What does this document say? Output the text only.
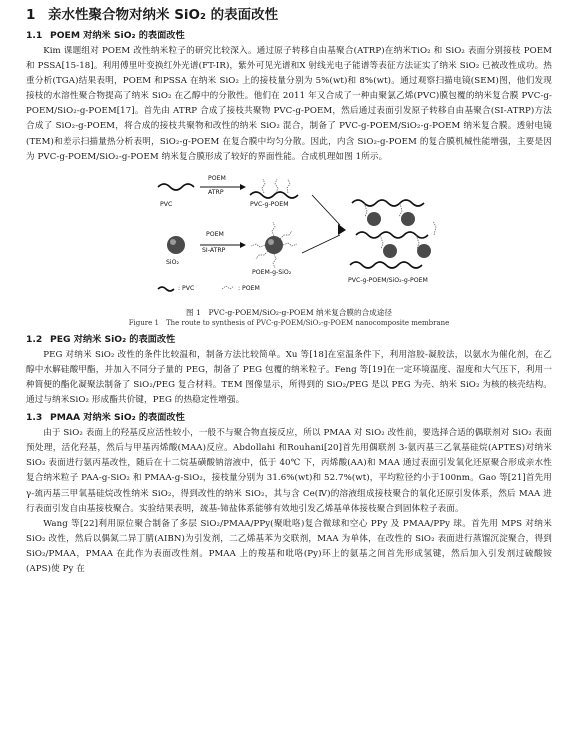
1 亲水性聚合物对纳米 SiO₂ 的表面改性
1.1 POEM 对纳米 SiO₂ 的表面改性

Kim 课题组对 POEM 改性纳米粒子的研究比较深入。通过原子转移自由基聚合(ATRP)在纳米TiO₂ 和 SiO₂ 表面分别接枝 POEM 和 PSSA[15-18]。利用傅里叶变换红外光谱(FT-IR)，紫外可见光谱和X 射线光电子能谱等表征方法证实了纳米 SiO₂ 已被改性成功。热重分析(TGA)结果表明，POEM 和PSSA 在纳米 SiO₂ 上的接枝量分别为 5%(wt)和 8%(wt)。通过观察扫描电镜(SEM)图，他们发现接枝的水溶性聚合物提高了纳米 SiO₂ 在乙醇中的分散性。他们在 2011 年又合成了一种由聚氯乙烯(PVC)膜包覆的纳米复合膜 PVC-g-POEM/SiO₂-g-POEM[17]。首先由 ATRP 合成了接枝共聚物 PVC-g-POEM，然后通过表面引发原子转移自由基聚合(SI-ATRP)方法合成了 SiO₂-g-POEM，将合成的接枝共聚物和改性的纳米 SiO₂ 混合，制备了 PVC-g-POEM/SiO₂-g-POEM 纳米复合膜。透射电镜(TEM)和差示扫描量热分析表明，SiO₂-g-POEM 在复合膜中均匀分散。因此，内含 SiO₂-g-POEM 的复合膜机械性能增强，主要是因为 PVC-g-POEM/SiO₂-g-POEM 纳米复合膜形成了较好的界面性能。合成机理如图 1所示。

PVC
POEM
ATRP
PVC-g-POEM
SiO₂
POEM
SI-ATRP
POEM-g-SiO₂
PVC-g-POEM/SiO₂-g-POEM
: PVC	: POEM

图 1　PVC-g-POEM/SiO₂-g-POEM 纳米复合膜的合成途径

Figure 1　The route to synthesis of PVC-g-POEM/SiO₂-g-POEM nanocomposite membrane

1.2 PEG 对纳米 SiO₂ 的表面改性

PEG 对纳米 SiO₂ 改性的条件比较温和，制备方法比较简单。Xu 等[18]在室温条件下，利用溶胶-凝胶法，以氨水为催化剂，在乙醇中水解硅酸甲酯，并加入不同分子量的 PEG，制备了 PEG 包覆的纳米粒子。Feng 等[19]在一定环境温度、湿度和大气压下，利用一种简便的酯化凝聚法制备了 SiO₂/PEG 复合材料。TEM 图像显示，所得到的 SiO₂/PEG 是以 PEG 为壳、纳米 SiO₂ 为核的核壳结构。通过与纳米SiO₂ 形成酯共价键，PEG 的热稳定性增强。

1.3 PMAA 对纳米 SiO₂ 的表面改性

由于 SiO₂ 表面上的羟基反应活性较小，一般不与聚合物直接反应，所以 PMAA 对 SiO₂ 改性前，要选择合适的偶联剂对 SiO₂ 表面预处理，活化羟基，然后与甲基丙烯酸(MAA)反应。Abdollahi 和Rouhani[20]首先用偶联剂 3-氨丙基三乙氧基硅烷(APTES)对纳米 SiO₂ 表面进行氨丙基改性，随后在十二烷基磺酸钠溶液中，低于 40℃ 下，丙烯酸(AA)和 MAA 通过表面引发氧化还原聚合形成亲水性复合纳米粒子 PAA-g-SiO₂ 和 PMAA-g-SiO₂，接枝量分别为 31.6%(wt)和 52.7%(wt)，平均粒径约小于100nm。Gao 等[21]首先用 γ-巯丙基三甲氧基硅烷改性纳米 SiO₂，得到改性的纳米 SiO₂，其与含 Ce(Ⅳ)的溶液组成接枝聚合的氧化还原引发体系，然后 MAA 进行表面引发自由基接枝聚合。实验结果表明，巯基-铈盐体系能够有效地引发乙烯基单体接枝聚合到固体粒子表面。

Wang 等[22]利用原位聚合制备了多层 SiO₂/PMAA/PPy(聚吡咯)复合微球和空心 PPy 及 PMAA/PPy 球。首先用 MPS 对纳米 SiO₂ 改性，然后以偶氮二异丁腈(AIBN)为引发剂，二乙烯基苯为交联剂，MAA 为单体，在改性的 SiO₂ 表面进行蒸馏沉淀聚合，得到 SiO₂/PMAA，PMAA 在此作为表面改性剂。PMAA 上的羧基和吡咯(Py)环上的氨基之间首先形成氢键，然后加入引发剂过硫酸铵(APS)使 Py 在
